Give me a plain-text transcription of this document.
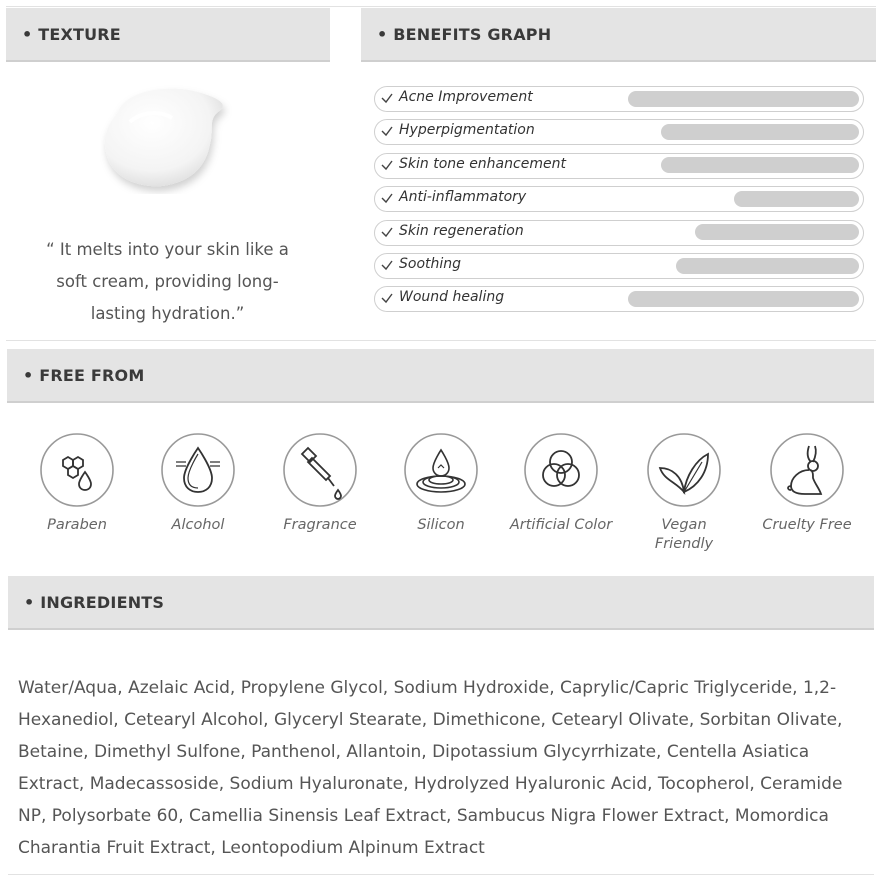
• TEXTURE
•	BENEFITS GRAPH
“ It melts into your skin like a soft cream, providing long-lasting hydration.”
Acne Improvement
Hyperpigmentation
Skin tone enhancement
Anti-inflammatory
Skin regeneration
Soothing
Wound healing
• FREE FROM
Paraben	Alcohol	Fragrance	Silicon	Artificial Color	Vegan Friendly
Cruelty Free
• INGREDIENTS
Water/Aqua, Azelaic Acid, Propylene Glycol, Sodium Hydroxide, Caprylic/Capric Triglyceride, 1,2-Hexanediol, Cetearyl Alcohol, Glyceryl Stearate, Dimethicone, Cetearyl Olivate, Sorbitan Olivate, Betaine, Dimethyl Sulfone, Panthenol, Allantoin, Dipotassium Glycyrrhizate, Centella Asiatica Extract, Madecassoside, Sodium Hyaluronate, Hydrolyzed Hyaluronic Acid, Tocopherol, Ceramide NP, Polysorbate 60, Camellia Sinensis Leaf Extract, Sambucus Nigra Flower Extract, Momordica Charantia Fruit Extract, Leontopodium Alpinum Extract
